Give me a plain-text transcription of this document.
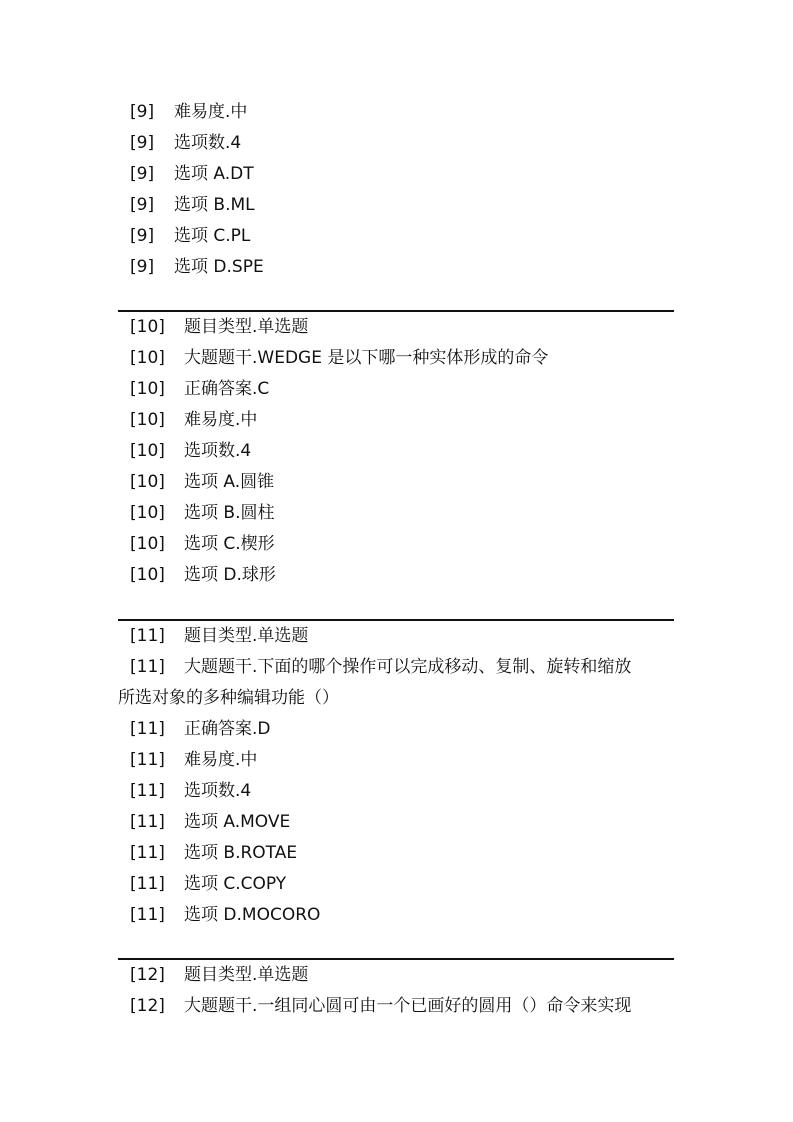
[9] 难易度.中
[9] 选项数.4
[9] 选项 A.DT
[9] 选项 B.ML
[9] 选项 C.PL
[9] 选项 D.SPE
[10] 题目类型.单选题
[10] 大题题干.WEDGE 是以下哪一种实体形成的命令
[10] 正确答案.C
[10] 难易度.中
[10] 选项数.4
[10] 选项 A.圆锥
[10] 选项 B.圆柱
[10] 选项 C.楔形
[10] 选项 D.球形
[11] 题目类型.单选题
[11] 大题题干.下面的哪个操作可以完成移动、复制、旋转和缩放
所选对象的多种编辑功能（）
[11] 正确答案.D
[11] 难易度.中
[11] 选项数.4
[11] 选项 A.MOVE
[11] 选项 B.ROTAE
[11] 选项 C.COPY
[11] 选项 D.MOCORO
[12] 题目类型.单选题
[12] 大题题干.一组同心圆可由一个已画好的圆用（）命令来实现
